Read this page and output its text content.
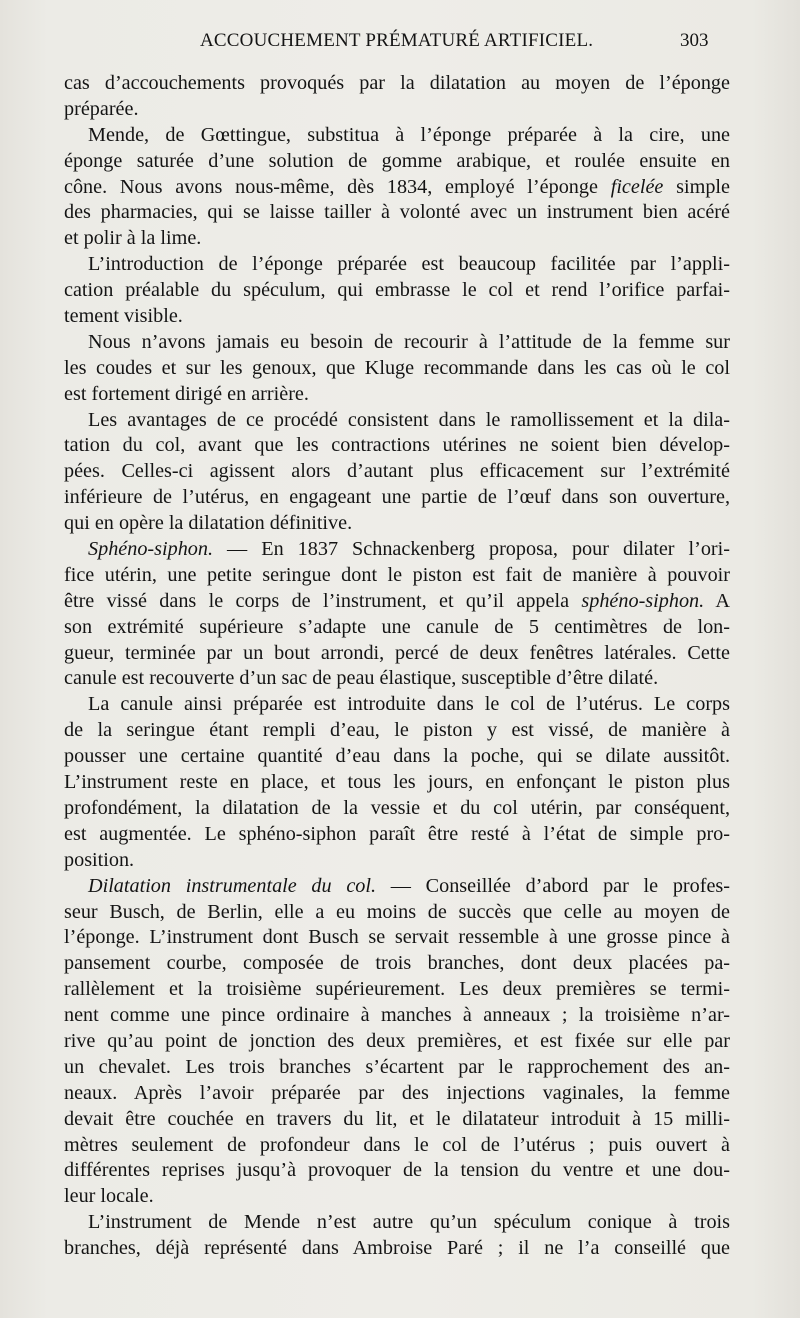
ACCOUCHEMENT PRÉMATURÉ ARTIFICIEL.	303
cas d’accouchements provoqués par la dilatation au moyen de l’éponge
préparée.
Mende, de Gœttingue, substitua à l’éponge préparée à la cire, une
éponge saturée d’une solution de gomme arabique, et roulée ensuite en
cône. Nous avons nous-même, dès 1834, employé l’éponge ficelée simple
des pharmacies, qui se laisse tailler à volonté avec un instrument bien acéré
et polir à la lime.
L’introduction de l’éponge préparée est beaucoup facilitée par l’appli-
cation préalable du spéculum, qui embrasse le col et rend l’orifice parfai-
tement visible.
Nous n’avons jamais eu besoin de recourir à l’attitude de la femme sur
les coudes et sur les genoux, que Kluge recommande dans les cas où le col
est fortement dirigé en arrière.
Les avantages de ce procédé consistent dans le ramollissement et la dila-
tation du col, avant que les contractions utérines ne soient bien dévelop-
pées. Celles-ci agissent alors d’autant plus efficacement sur l’extrémité
inférieure de l’utérus, en engageant une partie de l’œuf dans son ouverture,
qui en opère la dilatation définitive.
Sphéno-siphon. — En 1837 Schnackenberg proposa, pour dilater l’ori-
fice utérin, une petite seringue dont le piston est fait de manière à pouvoir
être vissé dans le corps de l’instrument, et qu’il appela sphéno-siphon. A
son extrémité supérieure s’adapte une canule de 5 centimètres de lon-
gueur, terminée par un bout arrondi, percé de deux fenêtres latérales. Cette
canule est recouverte d’un sac de peau élastique, susceptible d’être dilaté.
La canule ainsi préparée est introduite dans le col de l’utérus. Le corps
de la seringue étant rempli d’eau, le piston y est vissé, de manière à
pousser une certaine quantité d’eau dans la poche, qui se dilate aussitôt.
L’instrument reste en place, et tous les jours, en enfonçant le piston plus
profondément, la dilatation de la vessie et du col utérin, par conséquent,
est augmentée. Le sphéno-siphon paraît être resté à l’état de simple pro-
position.
Dilatation instrumentale du col. — Conseillée d’abord par le profes-
seur Busch, de Berlin, elle a eu moins de succès que celle au moyen de
l’éponge. L’instrument dont Busch se servait ressemble à une grosse pince à
pansement courbe, composée de trois branches, dont deux placées pa-
rallèlement et la troisième supérieurement. Les deux premières se termi-
nent comme une pince ordinaire à manches à anneaux ; la troisième n’ar-
rive qu’au point de jonction des deux premières, et est fixée sur elle par
un chevalet. Les trois branches s’écartent par le rapprochement des an-
neaux. Après l’avoir préparée par des injections vaginales, la femme
devait être couchée en travers du lit, et le dilatateur introduit à 15 milli-
mètres seulement de profondeur dans le col de l’utérus ; puis ouvert à
différentes reprises jusqu’à provoquer de la tension du ventre et une dou-
leur locale.
L’instrument de Mende n’est autre qu’un spéculum conique à trois
branches, déjà représenté dans Ambroise Paré ; il ne l’a conseillé que
